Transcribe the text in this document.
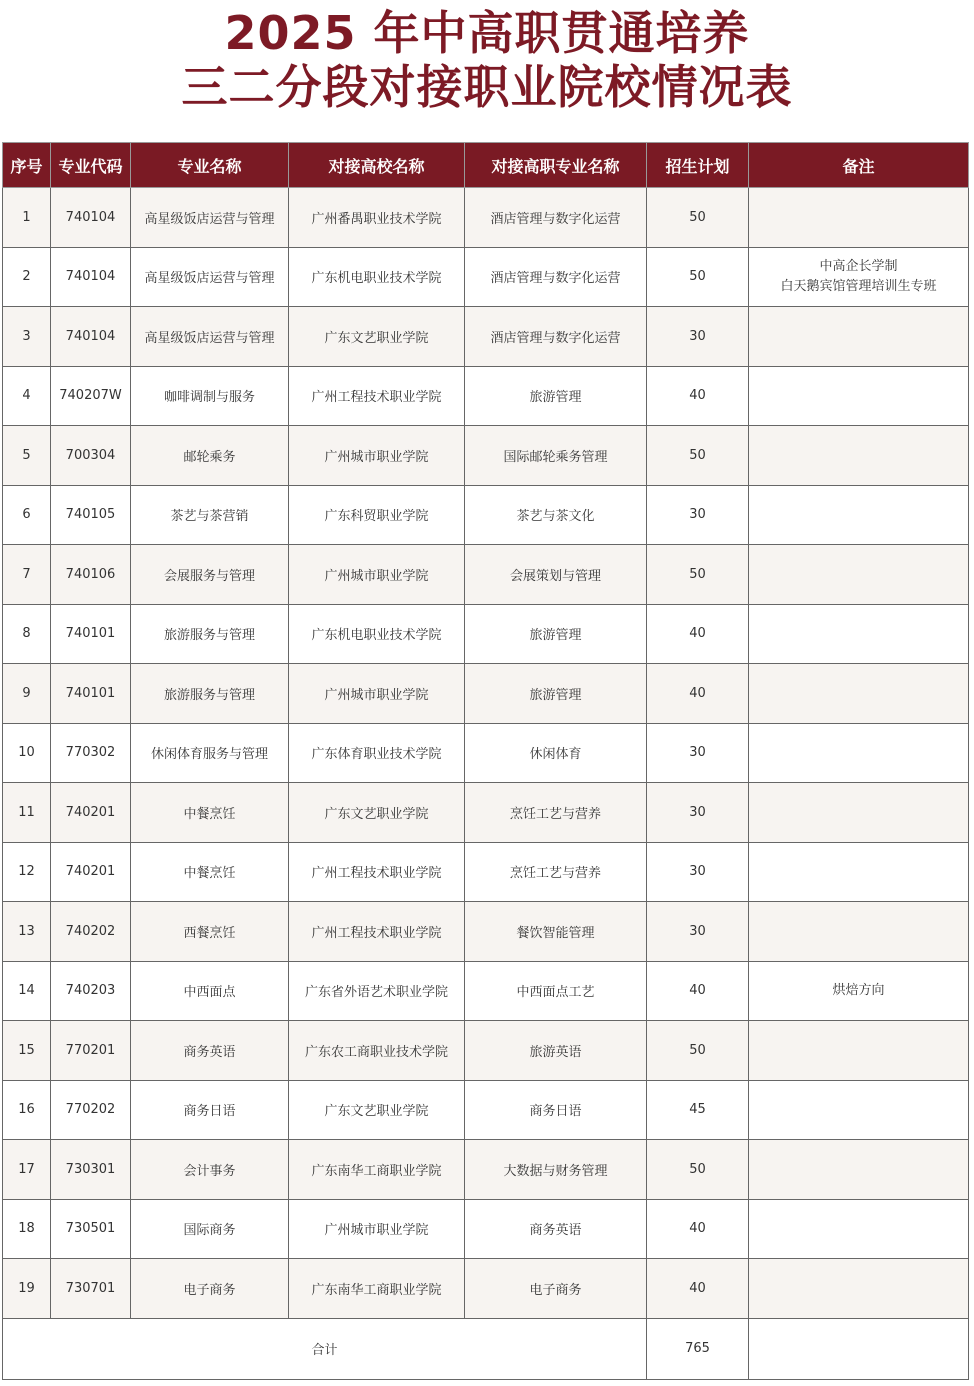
2025 年中高职贯通培养
三二分段对接职业院校情况表
序号	专业代码	专业名称	对接高校名称	对接高职专业名称	招生计划	备注
1	740104	高星级饭店运营与管理	广州番禺职业技术学院	酒店管理与数字化运营	50	

2	740104	高星级饭店运营与管理	广东机电职业技术学院	酒店管理与数字化运营	50	中高企长学制
白天鹅宾馆管理培训生专班

3	740104	高星级饭店运营与管理	广东文艺职业学院	酒店管理与数字化运营	30	

4	740207W	咖啡调制与服务	广州工程技术职业学院	旅游管理	40	

5	700304	邮轮乘务	广州城市职业学院	国际邮轮乘务管理	50	

6	740105	茶艺与茶营销	广东科贸职业学院	茶艺与茶文化	30	

7	740106	会展服务与管理	广州城市职业学院	会展策划与管理	50	

8	740101	旅游服务与管理	广东机电职业技术学院	旅游管理	40	

9	740101	旅游服务与管理	广州城市职业学院	旅游管理	40	

10	770302	休闲体育服务与管理	广东体育职业技术学院	休闲体育	30	

11	740201	中餐烹饪	广东文艺职业学院	烹饪工艺与营养	30	

12	740201	中餐烹饪	广州工程技术职业学院	烹饪工艺与营养	30	

13	740202	西餐烹饪	广州工程技术职业学院	餐饮智能管理	30	

14	740203	中西面点	广东省外语艺术职业学院	中西面点工艺	40	烘焙方向

15	770201	商务英语	广东农工商职业技术学院	旅游英语	50	

16	770202	商务日语	广东文艺职业学院	商务日语	45	

17	730301	会计事务	广东南华工商职业学院	大数据与财务管理	50	

18	730501	国际商务	广州城市职业学院	商务英语	40	

19	730701	电子商务	广东南华工商职业学院	电子商务	40	

合计					765	
